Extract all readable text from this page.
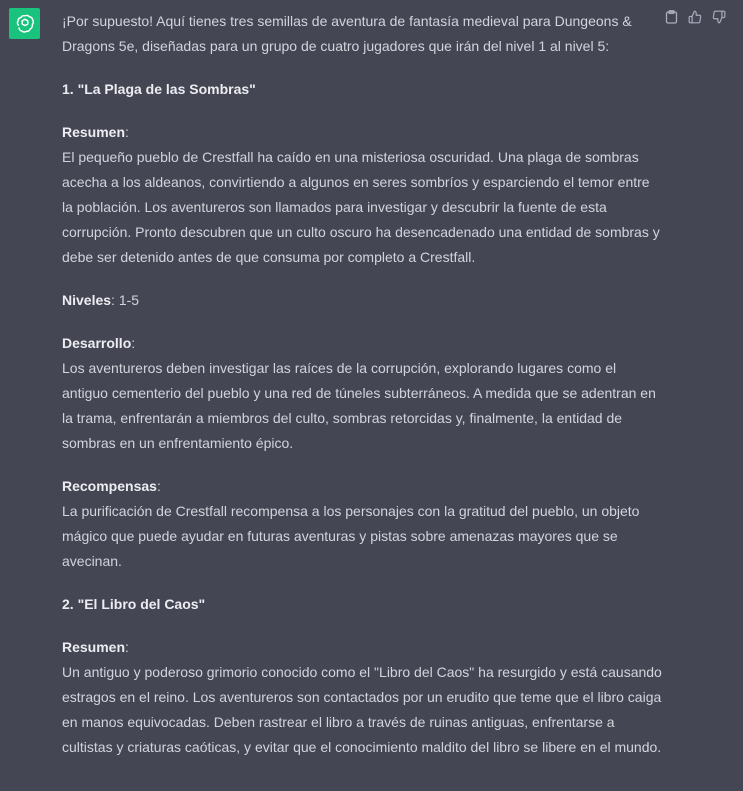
¡Por supuesto! Aquí tienes tres semillas de aventura de fantasía medieval para Dungeons & Dragons 5e, diseñadas para un grupo de cuatro jugadores que irán del nivel 1 al nivel 5:

1. "La Plaga de las Sombras"
Resumen:
El pequeño pueblo de Crestfall ha caído en una misteriosa oscuridad. Una plaga de sombras acecha a los aldeanos, convirtiendo a algunos en seres sombríos y esparciendo el temor entre la población. Los aventureros son llamados para investigar y descubrir la fuente de esta corrupción. Pronto descubren que un culto oscuro ha desencadenado una entidad de sombras y debe ser detenido antes de que consuma por completo a Crestfall.
Niveles: 1-5
Desarrollo:
Los aventureros deben investigar las raíces de la corrupción, explorando lugares como el antiguo cementerio del pueblo y una red de túneles subterráneos. A medida que se adentran en la trama, enfrentarán a miembros del culto, sombras retorcidas y, finalmente, la entidad de sombras en un enfrentamiento épico.
Recompensas:
La purificación de Crestfall recompensa a los personajes con la gratitud del pueblo, un objeto mágico que puede ayudar en futuras aventuras y pistas sobre amenazas mayores que se avecinan.
2. "El Libro del Caos"
Resumen:
Un antiguo y poderoso grimorio conocido como el "Libro del Caos" ha resurgido y está causando estragos en el reino. Los aventureros son contactados por un erudito que teme que el libro caiga en manos equivocadas. Deben rastrear el libro a través de ruinas antiguas, enfrentarse a cultistas y criaturas caóticas, y evitar que el conocimiento maldito del libro se libere en el mundo.
